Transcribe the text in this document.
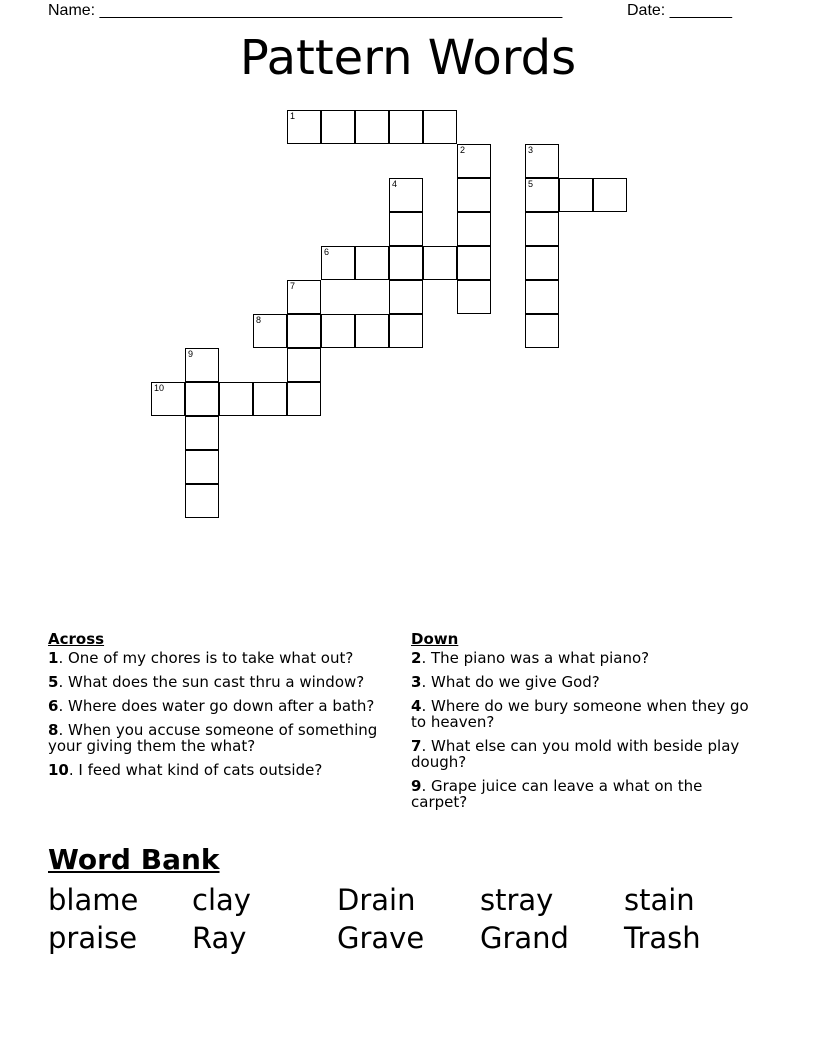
Name: ____________________________________________________	Date: _______
Pattern Words
1
2	3
5
4
6
7
8
9
10
Across
1. One of my chores is to take what out?
5. What does the sun cast thru a window?
6. Where does water go down after a bath?
8. When you accuse someone of something your giving them the what?
10. I feed what kind of cats outside?
Down
2. The piano was a what piano?
3. What do we give God?
4. Where do we bury someone when they go to heaven?
7. What else can you mold with beside play dough?
9. Grape juice can leave a what on the carpet?
Word Bank
blame clay	Drain stray stain
praise Ray	Grave Grand Trash
